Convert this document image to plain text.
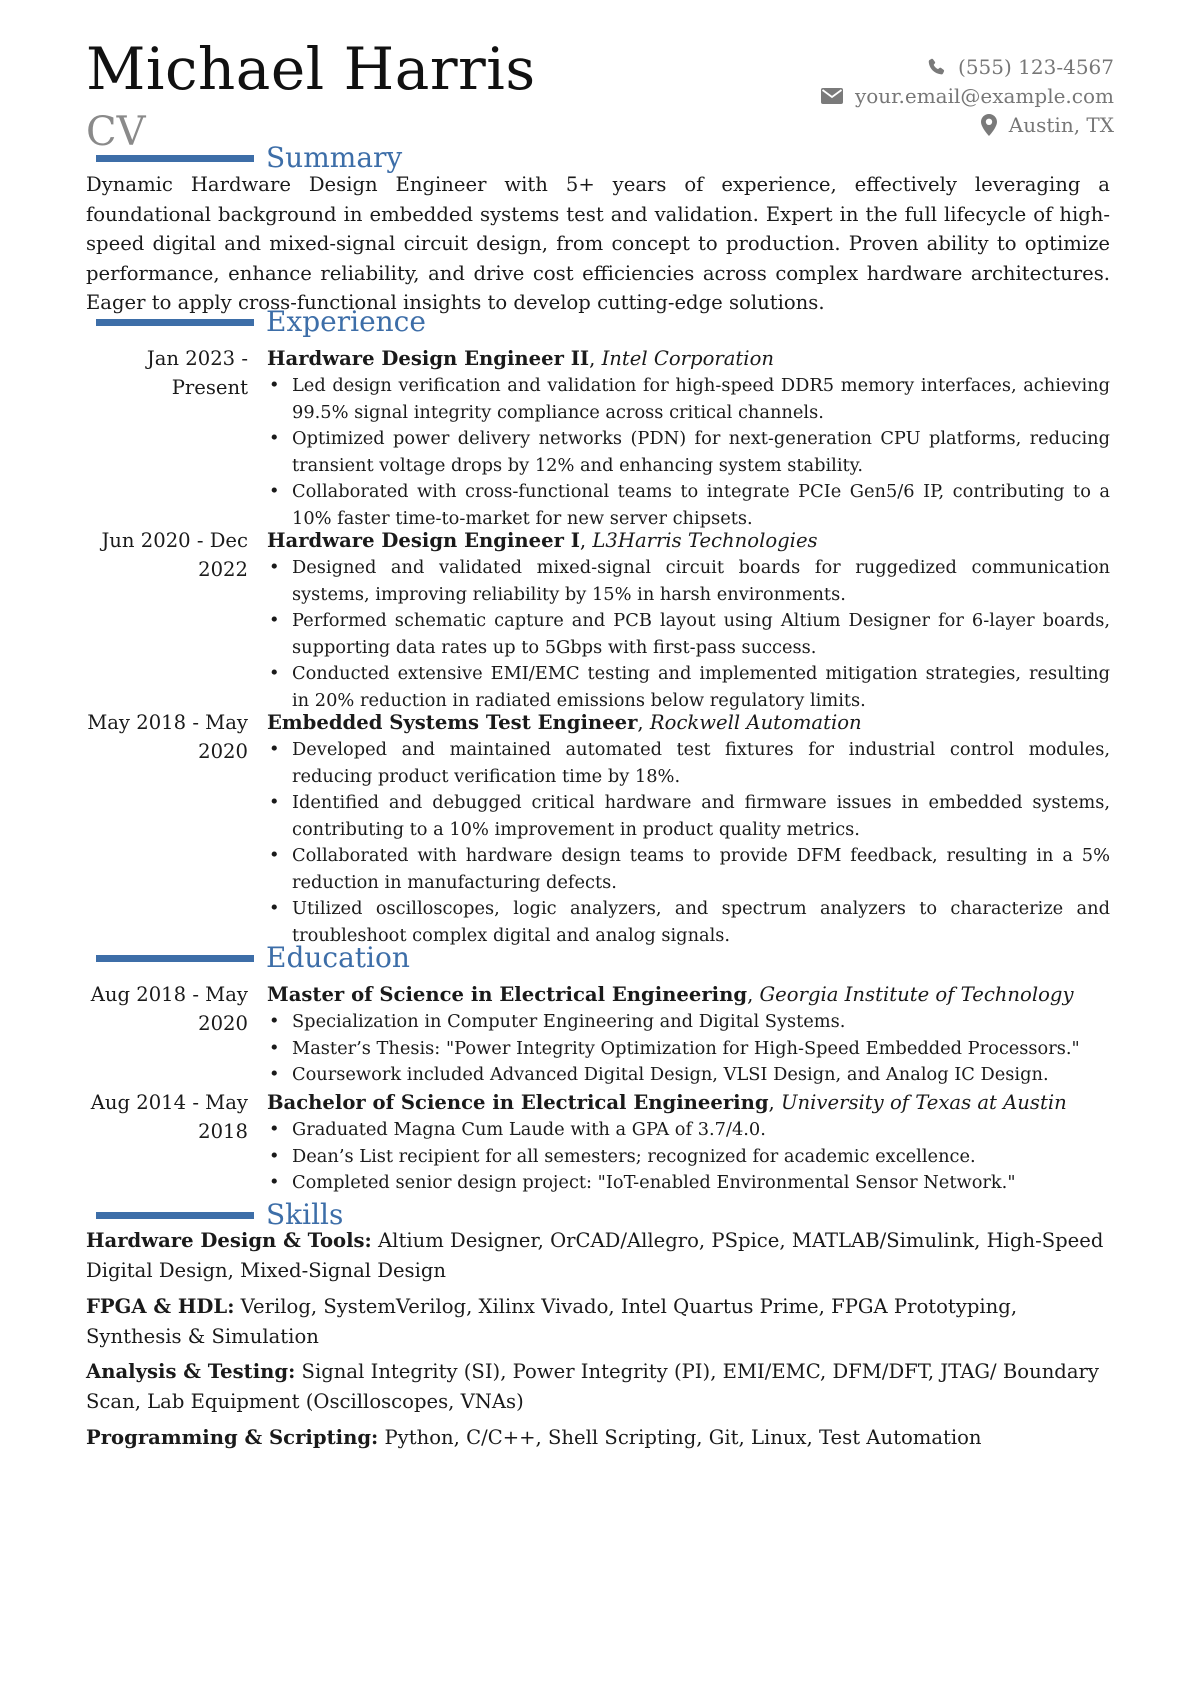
Michael Harris
CV
(555) 123-4567
your.email@example.com
Austin, TX
Summary
Dynamic Hardware Design Engineer with 5+ years of experience, effectively leveraging a foundational background in embedded systems test and validation. Expert in the full lifecycle of high-speed digital and mixed-signal circuit design, from concept to production. Proven ability to optimize performance, enhance reliability, and drive cost efficiencies across complex hardware architectures. Eager to apply cross-functional insights to develop cutting-edge solutions.
Experience
Jan 2023 - Present
Hardware Design Engineer II, Intel Corporation
• Led design verification and validation for high-speed DDR5 memory interfaces, achieving 99.5% signal integrity compliance across critical channels.
• Optimized power delivery networks (PDN) for next-generation CPU platforms, reducing transient voltage drops by 12% and enhancing system stability.
• Collaborated with cross-functional teams to integrate PCIe Gen5/6 IP, contributing to a 10% faster time-to-market for new server chipsets.
Jun 2020 - Dec 2022
Hardware Design Engineer I, L3Harris Technologies
• Designed and validated mixed-signal circuit boards for ruggedized communication systems, improving reliability by 15% in harsh environments.
• Performed schematic capture and PCB layout using Altium Designer for 6-layer boards, supporting data rates up to 5Gbps with first-pass success.
• Conducted extensive EMI/EMC testing and implemented mitigation strategies, resulting in 20% reduction in radiated emissions below regulatory limits.
May 2018 - May 2020
Embedded Systems Test Engineer, Rockwell Automation
• Developed and maintained automated test fixtures for industrial control modules, reducing product verification time by 18%.
• Identified and debugged critical hardware and firmware issues in embedded systems, contributing to a 10% improvement in product quality metrics.
• Collaborated with hardware design teams to provide DFM feedback, resulting in a 5% reduction in manufacturing defects.
• Utilized oscilloscopes, logic analyzers, and spectrum analyzers to characterize and troubleshoot complex digital and analog signals.
Education
Aug 2018 - May 2020
Master of Science in Electrical Engineering, Georgia Institute of Technology
• Specialization in Computer Engineering and Digital Systems.
• Master’s Thesis: "Power Integrity Optimization for High-Speed Embedded Processors."
• Coursework included Advanced Digital Design, VLSI Design, and Analog IC Design.
Aug 2014 - May 2018
Bachelor of Science in Electrical Engineering, University of Texas at Austin
• Graduated Magna Cum Laude with a GPA of 3.7/4.0.
• Dean’s List recipient for all semesters; recognized for academic excellence.
• Completed senior design project: "IoT-enabled Environmental Sensor Network."
Skills
Hardware Design & Tools: Altium Designer, OrCAD/Allegro, PSpice, MATLAB/Simulink, High-Speed Digital Design, Mixed-Signal Design
FPGA & HDL: Verilog, SystemVerilog, Xilinx Vivado, Intel Quartus Prime, FPGA Prototyping, Synthesis & Simulation
Analysis & Testing: Signal Integrity (SI), Power Integrity (PI), EMI/EMC, DFM/DFT, JTAG/ Boundary Scan, Lab Equipment (Oscilloscopes, VNAs)
Programming & Scripting: Python, C/C++, Shell Scripting, Git, Linux, Test Automation
